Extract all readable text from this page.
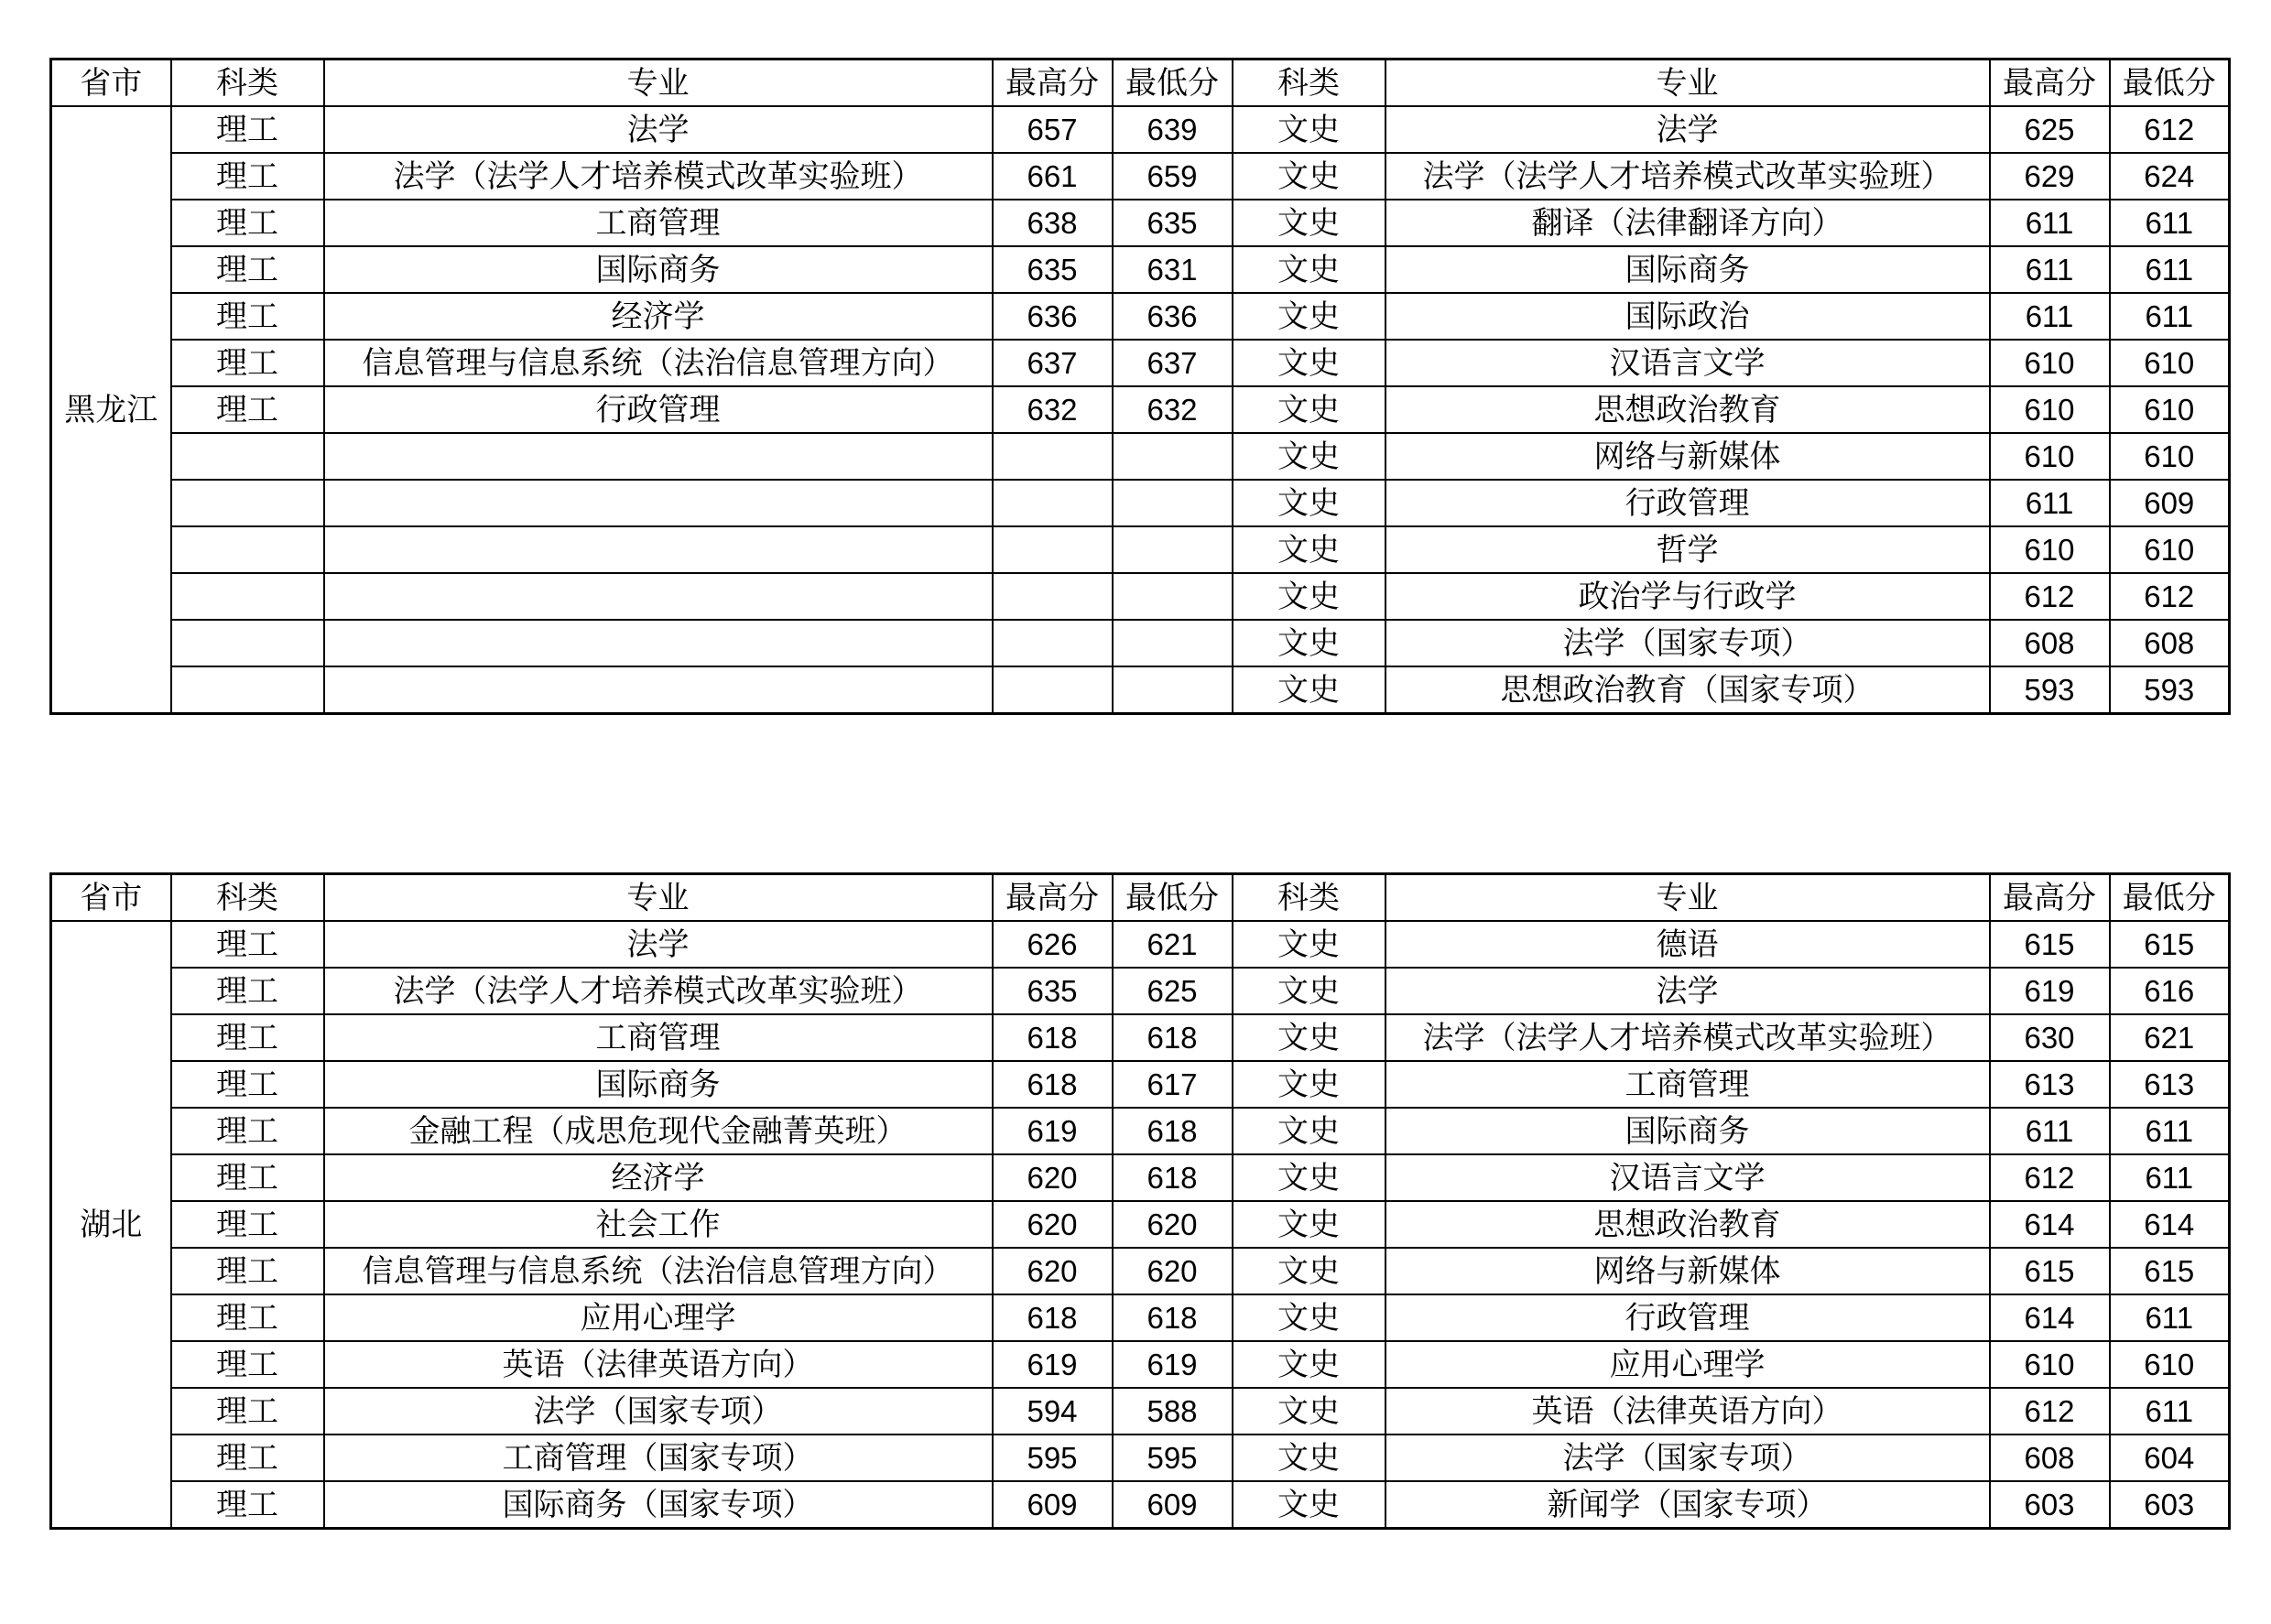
省市	科类	专业	最高分	最低分	科类	专业	最高分	最低分
黑龙江	理工	法学	657	639	文史	法学	625	612
	理工	法学（法学人才培养模式改革实验班）	661	659	文史	法学（法学人才培养模式改革实验班）	629	624
	理工	工商管理	638	635	文史	翻译（法律翻译方向）	611	611
	理工	国际商务	635	631	文史	国际商务	611	611
	理工	经济学	636	636	文史	国际政治	611	611
	理工	信息管理与信息系统（法治信息管理方向）	637	637	文史	汉语言文学	610	610
	理工	行政管理	632	632	文史	思想政治教育	610	610
					文史	网络与新媒体	610	610
					文史	行政管理	611	609
					文史	哲学	610	610
					文史	政治学与行政学	612	612
					文史	法学（国家专项）	608	608
					文史	思想政治教育（国家专项）	593	593
省市	科类	专业	最高分	最低分	科类	专业	最高分	最低分
湖北	理工	法学	626	621	文史	德语	615	615
	理工	法学（法学人才培养模式改革实验班）	635	625	文史	法学	619	616
	理工	工商管理	618	618	文史	法学（法学人才培养模式改革实验班）	630	621
	理工	国际商务	618	617	文史	工商管理	613	613
	理工	金融工程（成思危现代金融菁英班）	619	618	文史	国际商务	611	611
	理工	经济学	620	618	文史	汉语言文学	612	611
	理工	社会工作	620	620	文史	思想政治教育	614	614
	理工	信息管理与信息系统（法治信息管理方向）	620	620	文史	网络与新媒体	615	615
	理工	应用心理学	618	618	文史	行政管理	614	611
	理工	英语（法律英语方向）	619	619	文史	应用心理学	610	610
	理工	法学（国家专项）	594	588	文史	英语（法律英语方向）	612	611
	理工	工商管理（国家专项）	595	595	文史	法学（国家专项）	608	604
	理工	国际商务（国家专项）	609	609	文史	新闻学（国家专项）	603	603
